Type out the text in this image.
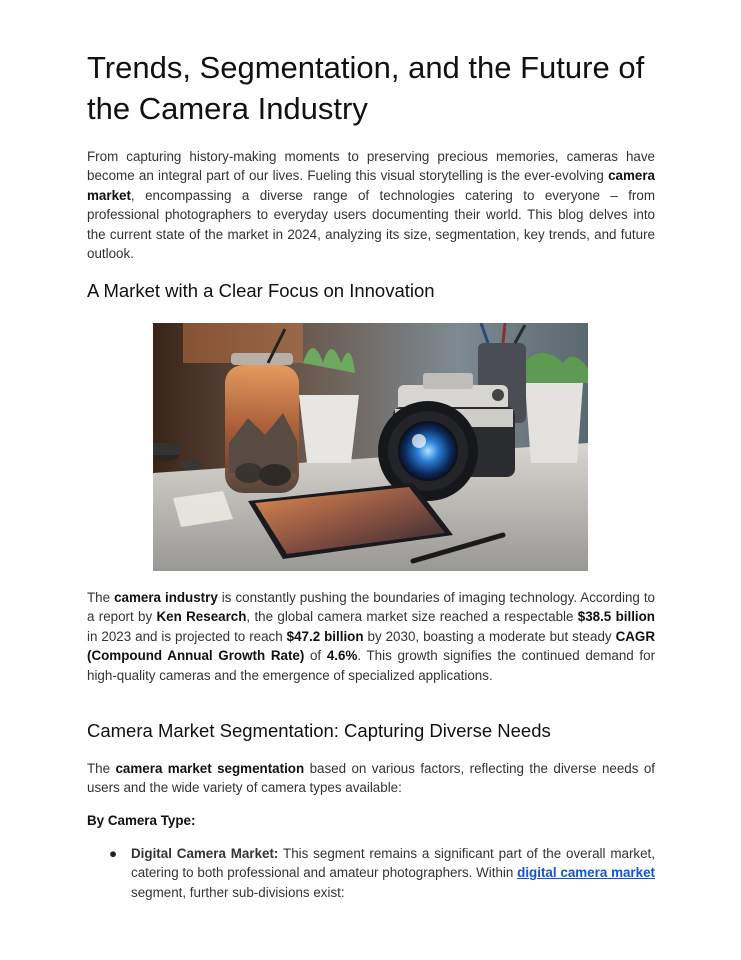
Trends, Segmentation, and the Future of the Camera Industry

From capturing history-making moments to preserving precious memories, cameras have become an integral part of our lives. Fueling this visual storytelling is the ever-evolving camera market, encompassing a diverse range of technologies catering to everyone – from professional photographers to everyday users documenting their world. This blog delves into the current state of the market in 2024, analyzing its size, segmentation, key trends, and future outlook.

A Market with a Clear Focus on Innovation

The camera industry is constantly pushing the boundaries of imaging technology. According to a report by Ken Research, the global camera market size reached a respectable $38.5 billion in 2023 and is projected to reach $47.2 billion by 2030, boasting a moderate but steady CAGR (Compound Annual Growth Rate) of 4.6%. This growth signifies the continued demand for high-quality cameras and the emergence of specialized applications.

Camera Market Segmentation: Capturing Diverse Needs

The camera market segmentation based on various factors, reflecting the diverse needs of users and the wide variety of camera types available:

By Camera Type:

● Digital Camera Market: This segment remains a significant part of the overall market, catering to both professional and amateur photographers. Within digital camera market segment, further sub-divisions exist:
